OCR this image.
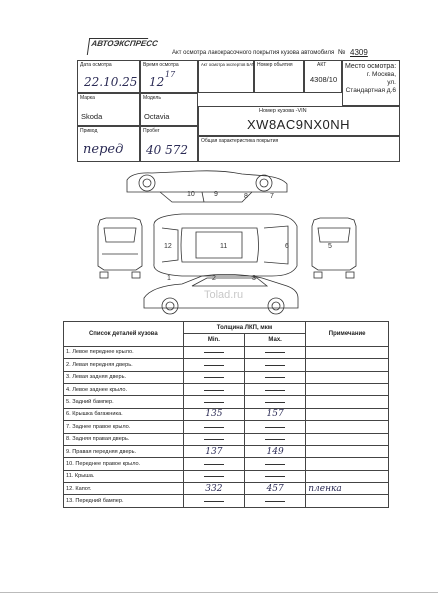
АВТОЭКСПРЕСС
Акт осмотра лакокрасочного покрытия кузова автомобиля № 4309
Дата осмотра
22.10.25
Время осмотра
12
17
Акт осмотра экспертов БАТ Номер обьятия	АКТ
4308/10
Место осмотра:
г. Москва,
ул.
Стандартная д.6
Марка
Skoda
Модель
Octavia
Номер кузова -VIN
XW8AC9NX0NH
Привод
перед
Пробег
40 572
Общая характеристика покрытия
10	9	8	7
12	11	6	5
1	2	3
Tolad.ru
Список деталей кузова	Толщина ЛКП, мкм		Примечание
	Min.	Мах.	
1. Левое переднее крыло.			
2. Левая передняя дверь.			
3. Левая задняя дверь.			
4. Левое заднее крыло.			
5. Задний бампер.			
6. Крышка багажника.	135	157	
7. Заднее правое крыло.			
8. Задняя правая дверь.			
9. Правая передняя дверь.	137	149	
10. Переднее правое крыло.			
11. Крыша.			
12. Капот.	332	457	пленка
13. Передний бампер.			
